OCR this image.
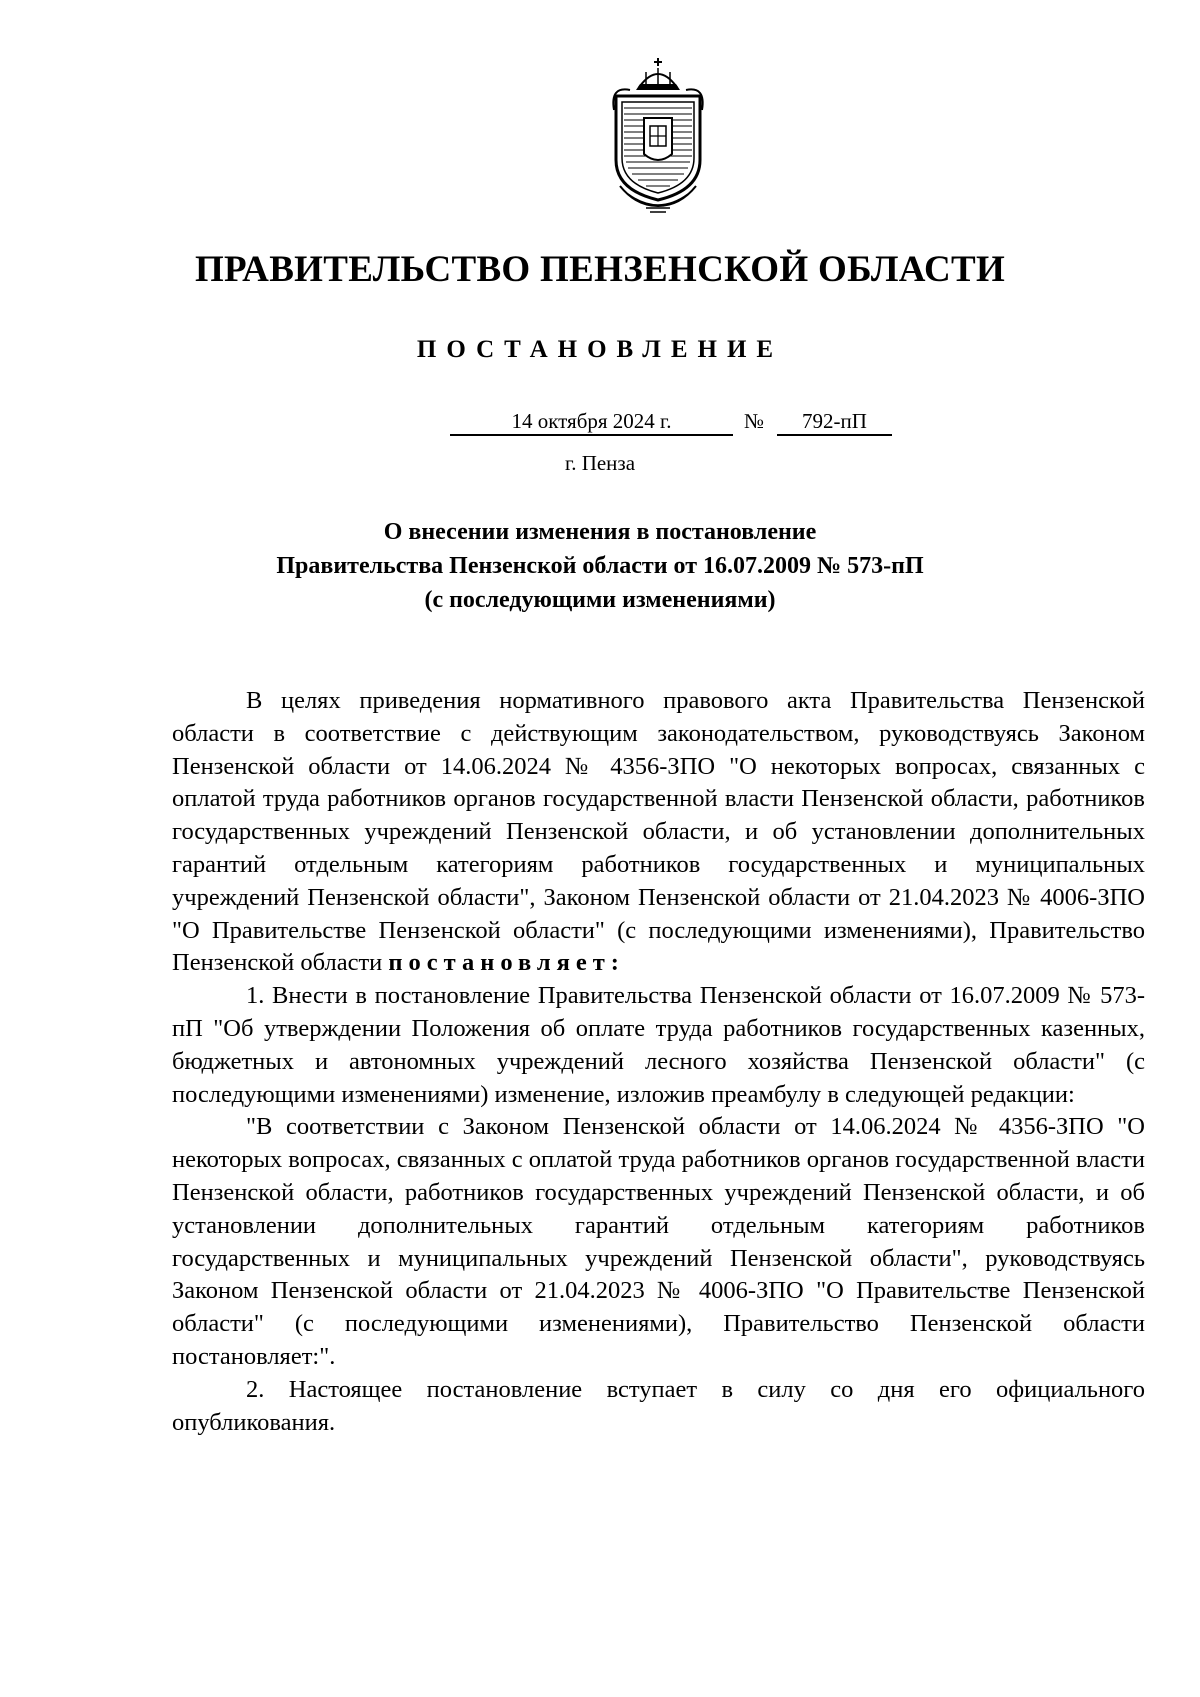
ПРАВИТЕЛЬСТВО ПЕНЗЕНСКОЙ ОБЛАСТИ
ПОСТАНОВЛЕНИЕ
14 октября 2024 г.	№	792-пП
г. Пенза
О внесении изменения в постановление
Правительства Пензенской области от 16.07.2009 № 573-пП
(с последующими изменениями)

В целях приведения нормативного правового акта Правительства Пензенской области в соответствие с действующим законодательством, руководствуясь Законом Пензенской области от 14.06.2024 № 4356-ЗПО "О некоторых вопросах, связанных с оплатой труда работников органов государственной власти Пензенской области, работников государственных учреждений Пензенской области, и об установлении дополнительных гарантий отдельным категориям работников государственных и муниципальных учреждений Пензенской области", Законом Пензенской области от 21.04.2023 № 4006-ЗПО "О Правительстве Пензенской области" (с последующими изменениями), Правительство Пензенской области постановляет:

1. Внести в постановление Правительства Пензенской области от 16.07.2009 № 573-пП "Об утверждении Положения об оплате труда работников государственных казенных, бюджетных и автономных учреждений лесного хозяйства Пензенской области" (с последующими изменениями) изменение, изложив преамбулу в следующей редакции:

"В соответствии с Законом Пензенской области от 14.06.2024 № 4356-ЗПО "О некоторых вопросах, связанных с оплатой труда работников органов государственной власти Пензенской области, работников государственных учреждений Пензенской области, и об установлении дополнительных гарантий отдельным категориям работников государственных и муниципальных учреждений Пензенской области", руководствуясь Законом Пензенской области от 21.04.2023 № 4006-ЗПО "О Правительстве Пензенской области" (с последующими изменениями), Правительство Пензенской области постановляет:".

2. Настоящее постановление вступает в силу со дня его официального опубликования.
